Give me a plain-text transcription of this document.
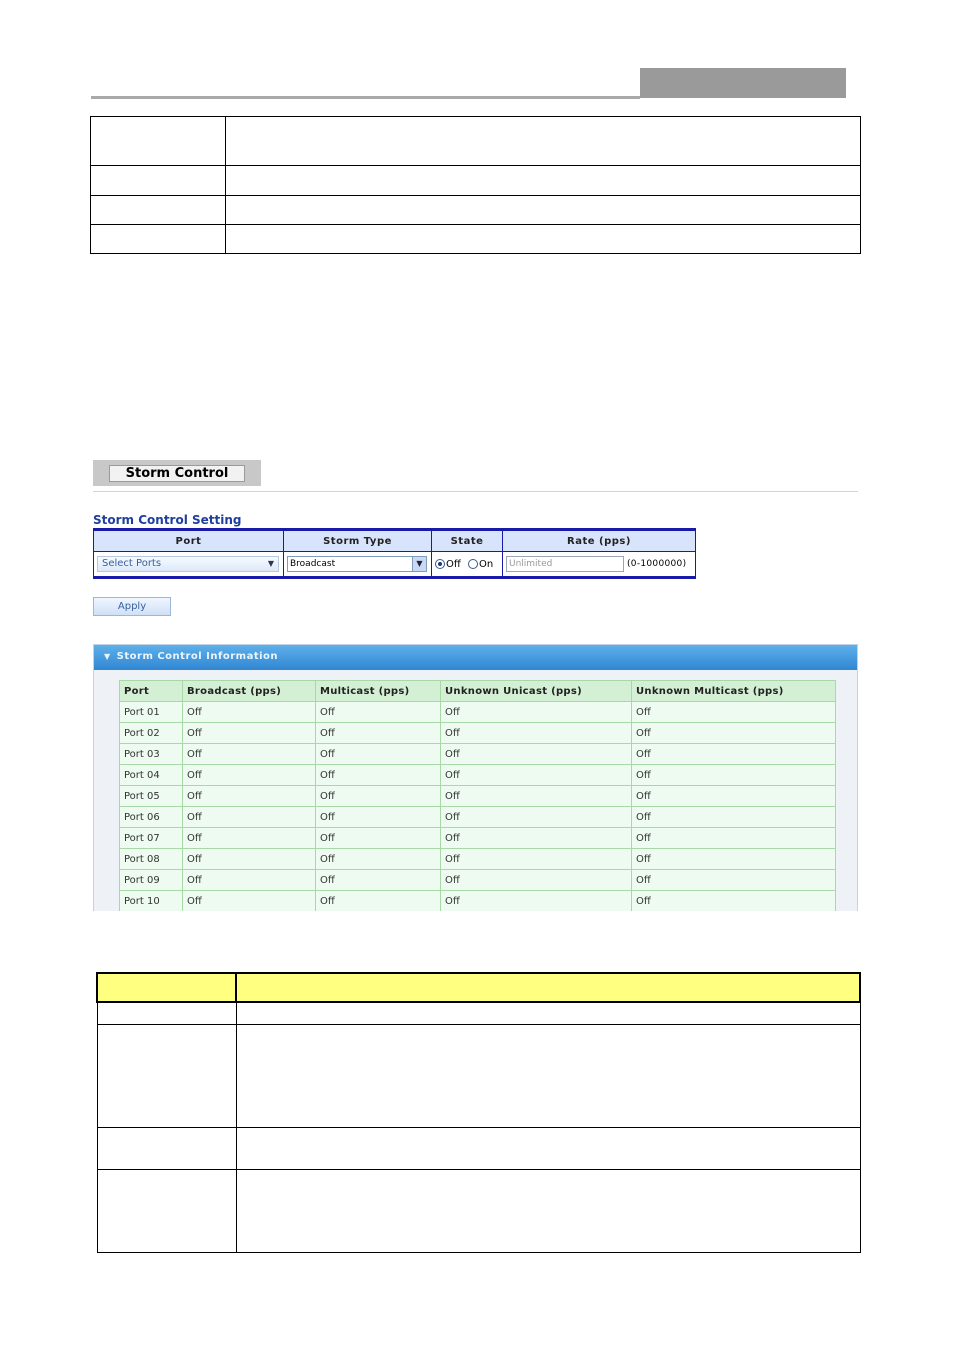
Storm Control
Storm Control Setting
Port	Storm Type	State	Rate (pps)

Select Ports ▼	Broadcast ▼	Off On	Unlimited (0-1000000)
Apply
▼ Storm Control Information
Port	Broadcast (pps)	Multicast (pps)	Unknown Unicast (pps)	Unknown Multicast (pps)
Port 01	Off	Off	Off	Off
Port 02	Off	Off	Off	Off
Port 03	Off	Off	Off	Off
Port 04	Off	Off	Off	Off
Port 05	Off	Off	Off	Off
Port 06	Off	Off	Off	Off
Port 07	Off	Off	Off	Off
Port 08	Off	Off	Off	Off
Port 09	Off	Off	Off	Off
Port 10	Off	Off	Off	Off
